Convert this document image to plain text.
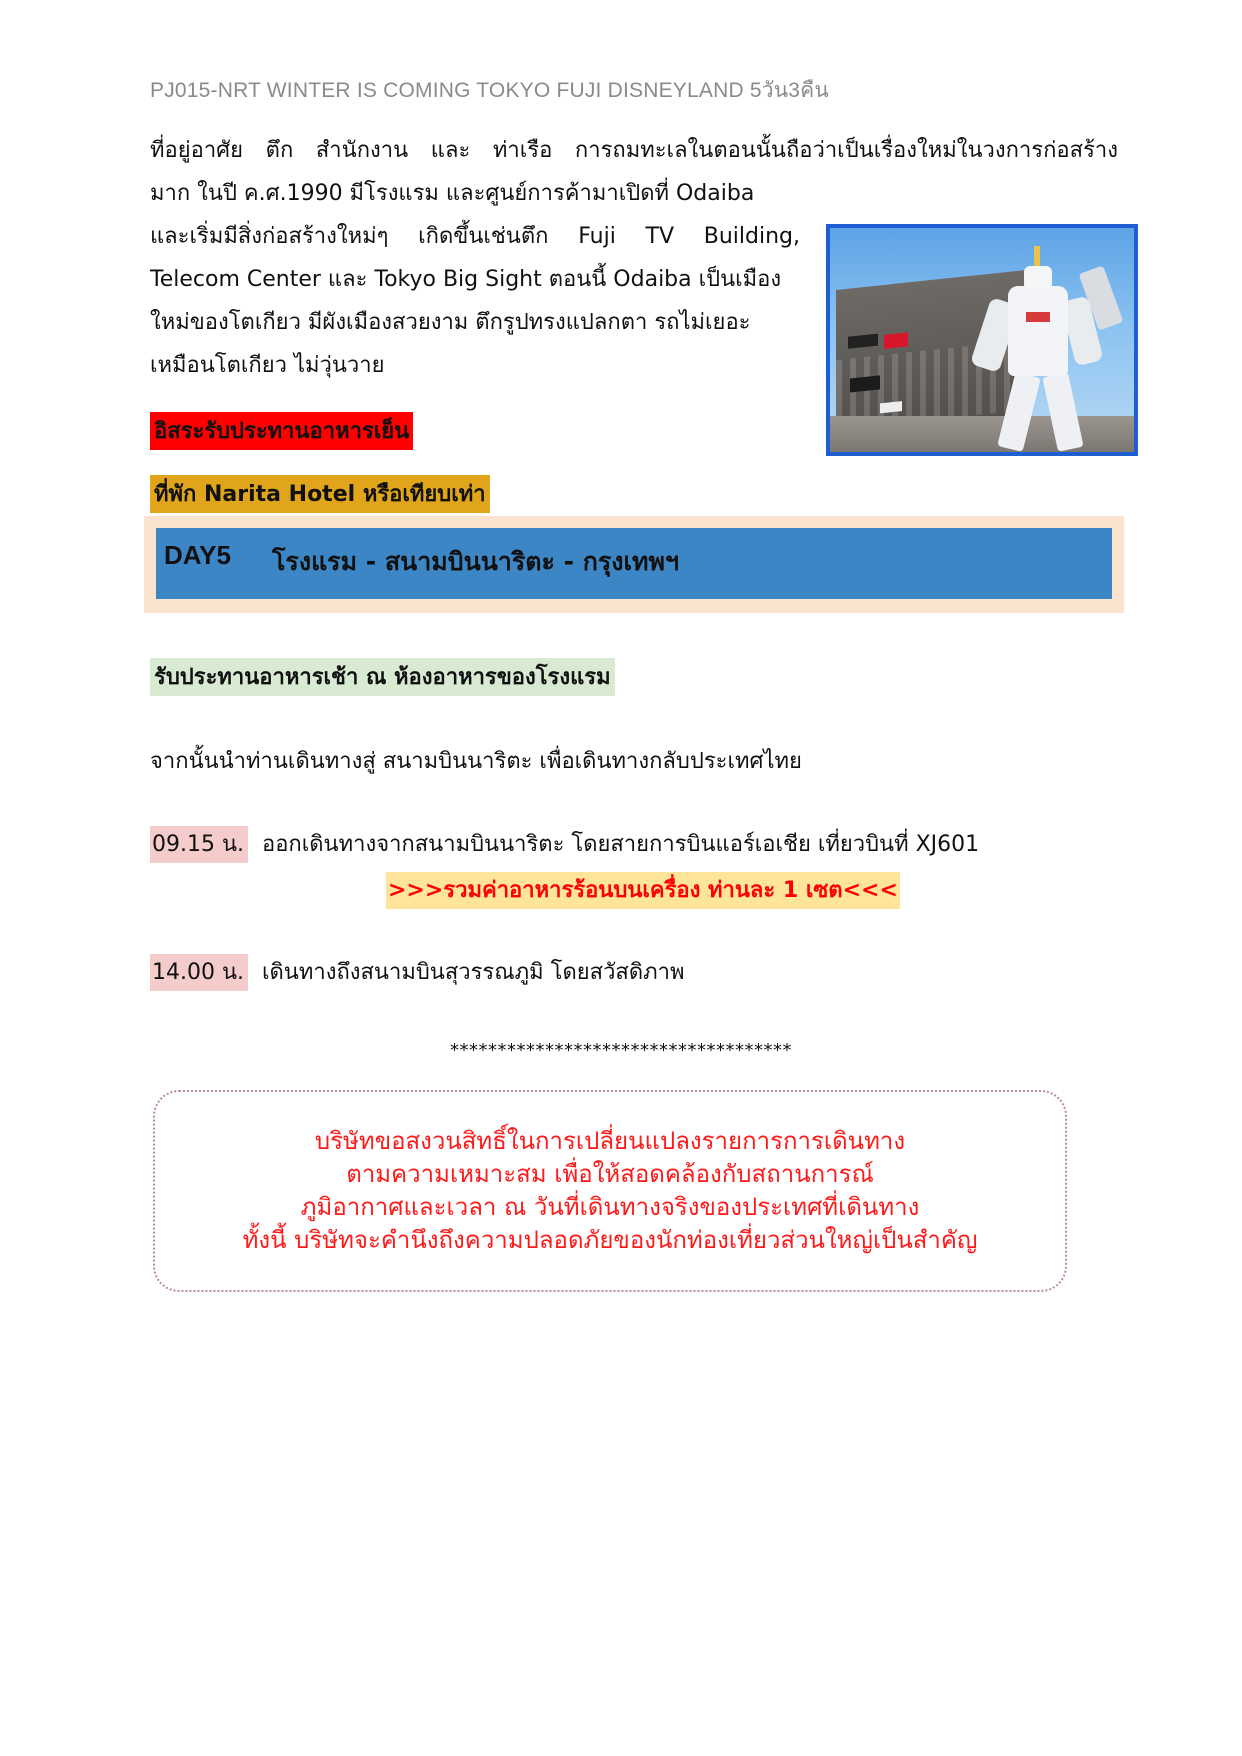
PJ015-NRT WINTER IS COMING TOKYO FUJI DISNEYLAND 5วัน3คืน
ที่อยู่อาศัย ตึก สำนักงาน และ ท่าเรือ การถมทะเลในตอนนั้นถือว่าเป็นเรื่องใหม่ในวงการก่อสร้าง
มาก ในปี ค.ศ.1990 มีโรงแรม และศูนย์การค้ามาเปิดที่ Odaiba
และเริ่มมีสิ่งก่อสร้างใหม่ๆ เกิดขึ้นเช่นตึก Fuji TV Building,
Telecom Center และ Tokyo Big Sight ตอนนี้ Odaiba เป็นเมือง
ใหม่ของโตเกียว มีผังเมืองสวยงาม ตึกรูปทรงแปลกตา รถไม่เยอะ
เหมือนโตเกียว ไม่วุ่นวาย
อิสระรับประทานอาหารเย็น
ที่พัก Narita Hotel หรือเทียบเท่า
DAY5 โรงแรม - สนามบินนาริตะ - กรุงเทพฯ
รับประทานอาหารเช้า ณ ห้องอาหารของโรงแรม
จากนั้นนำท่านเดินทางสู่ สนามบินนาริตะ เพื่อเดินทางกลับประเทศไทย
09.15 น. ออกเดินทางจากสนามบินนาริตะ โดยสายการบินแอร์เอเชีย เที่ยวบินที่ XJ601
>>>รวมค่าอาหารร้อนบนเครื่อง ท่านละ 1 เซต<<<
14.00 น. เดินทางถึงสนามบินสุวรรณภูมิ โดยสวัสดิภาพ
************************************
บริษัทขอสงวนสิทธิ์ในการเปลี่ยนแปลงรายการการเดินทาง
ตามความเหมาะสม เพื่อให้สอดคล้องกับสถานการณ์
ภูมิอากาศและเวลา ณ วันที่เดินทางจริงของประเทศที่เดินทาง
ทั้งนี้ บริษัทจะคำนึงถึงความปลอดภัยของนักท่องเที่ยวส่วนใหญ่เป็นสำคัญ
